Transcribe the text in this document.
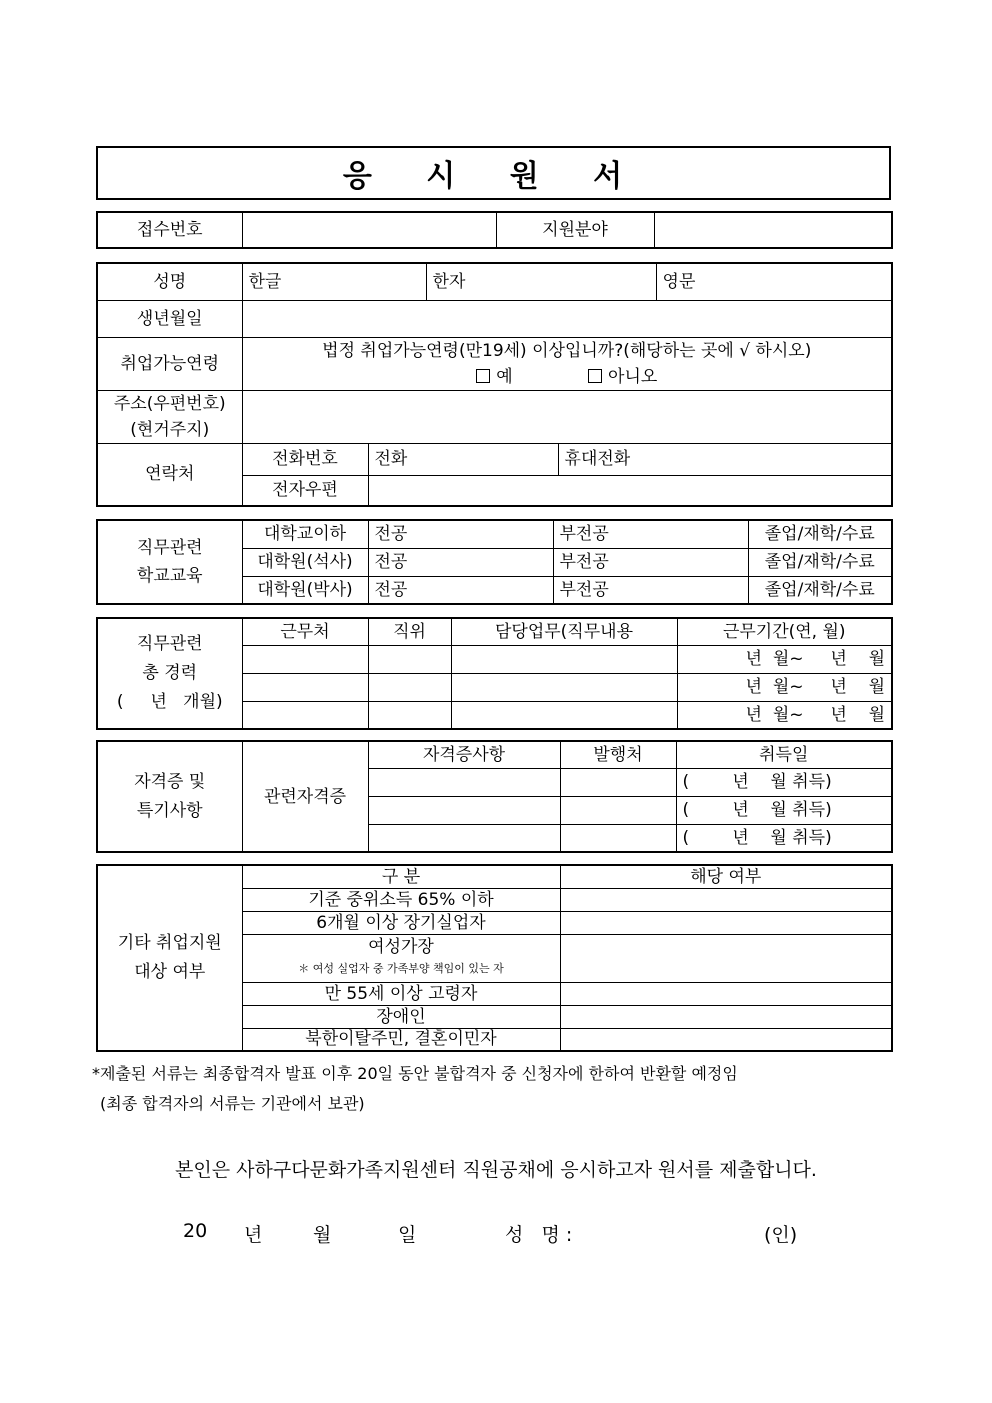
응 시 원 서
접수번호		지원분야	
성명	한글		한자		영문
생년월일					
취업가능연령	법정 취업가능연령(만19세) 이상입니까?(해당하는 곳에 √ 하시오)
예 아니오				

주소(우편번호)
(현거주지)					

연락처	전화번호	전화		휴대전화	
	전자우편				
직무관련
학교교육	대학교이하	전공	부전공	졸업/재학/수료
	대학원(석사)	전공	부전공	졸업/재학/수료
	대학원(박사)	전공	부전공	졸업/재학/수료
직무관련
총 경력
(     년   개월)	근무처	직위	담당업무(직무내용	근무기간(연, 월)
				년  월~     년    월
				년  월~     년    월
				년  월~     년    월
자격증 및
특기사항	관련자격증	자격증사항	발행처	취득일
				(        년    월 취득)
				(        년    월 취득)
				(        년    월 취득)
기타 취업지원
대상 여부	구 분	해당 여부
	기준 중위소득 65% 이하	
	6개월 이상 장기실업자	

	여성가장
＊ 여성 실업자 중 가족부양 책임이 있는 자	

	만 55세 이상 고령자	
	장애인	
	북한이탈주민, 결혼이민자	
*제출된 서류는 최종합격자 발표 이후 20일 동안 불합격자 중 신청자에 한하여 반환할 예정임
(최종 합격자의 서류는 기관에서 보관)
본인은 사하구다문화가족지원센터 직원공채에 응시하고자 원서를 제출합니다.
20 년	월	일	성   명 :	(인)
